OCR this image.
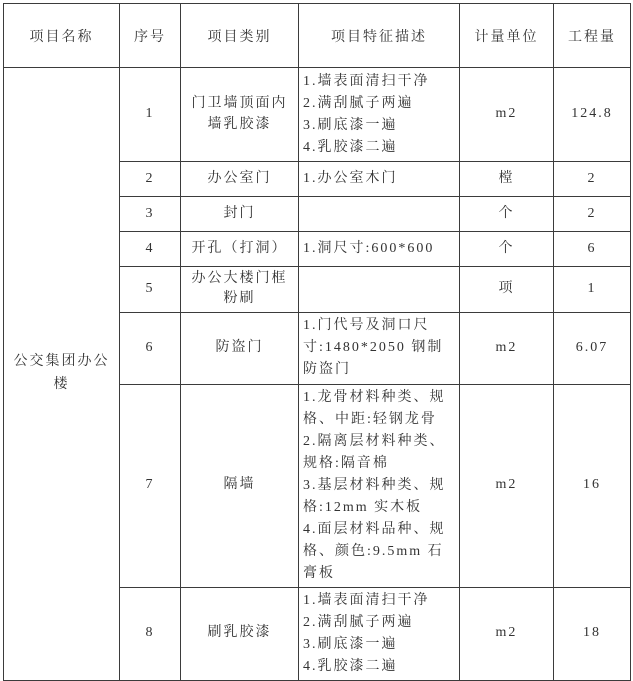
项目名称	序号	项目类别	项目特征描述	计量单位	工程量
公交集团办公楼	1	门卫墙顶面内墙乳胶漆	1.墙表面清扫干净
2.满刮腻子两遍
3.刷底漆一遍
4.乳胶漆二遍	m2	124.8
	2	办公室门	1.办公室木门	樘	2
	3	封门		个	2
	4	开孔（打洞）	1.洞尺寸:600*600	个	6
	5	办公大楼门框粉刷		项	1
	6	防盗门	1.门代号及洞口尺寸:1480*2050 钢制防盗门	m2	6.07
	7	隔墙	1.龙骨材料种类、规格、中距:轻钢龙骨
2.隔离层材料种类、规格:隔音棉
3.基层材料种类、规格:12mm 实木板
4.面层材料品种、规格、颜色:9.5mm 石膏板	m2	16
	8	刷乳胶漆	1.墙表面清扫干净
2.满刮腻子两遍
3.刷底漆一遍
4.乳胶漆二遍	m2	18
